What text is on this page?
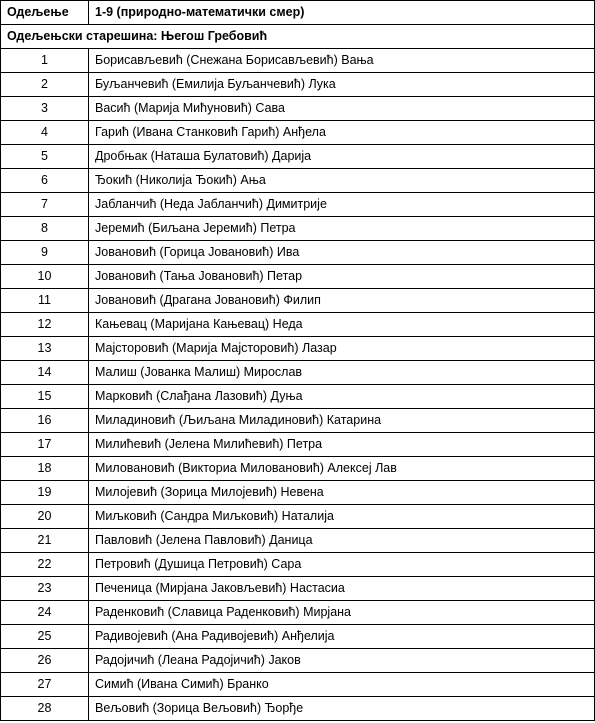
Одељење	1-9 (природно-математички смер)
Одељењски старешина: Његош Гребовић	
1	Борисављевић (Снежана Борисављевић) Вања
2	Буљанчевић (Емилија Буљанчевић) Лука
3	Васић (Марија Мићуновић) Сава
4	Гарић (Ивана Станковић Гарић) Анђела
5	Дробњак (Наташа Булатовић) Дарија
6	Ђокић (Николија Ђокић) Ања
7	Јабланчић (Неда Јабланчић) Димитрије
8	Јеремић (Биљана Јеремић) Петра
9	Јовановић (Горица Јовановић) Ива
10	Јовановић (Тања Јовановић) Петар
11	Јовановић (Драгана Јовановић) Филип
12	Кањевац (Маријана Кањевац) Неда
13	Мајсторовић (Марија Мајсторовић) Лазар
14	Малиш (Јованка Малиш) Мирослав
15	Марковић (Слађана Лазовић) Дуња
16	Миладиновић (Љиљана Миладиновић) Катарина
17	Милићевић (Јелена Милићевић) Петра
18	Миловановић (Викториа Миловановић) Алексеј Лав
19	Милојевић (Зорица Милојевић) Невена
20	Миљковић (Сандра Миљковић) Наталија
21	Павловић (Јелена Павловић) Даница
22	Петровић (Душица Петровић) Сара
23	Печеница (Мирјана Јаковљевић) Настасиа
24	Раденковић (Славица Раденковић) Мирјана
25	Радивојевић (Ана Радивојевић) Анђелија
26	Радојичић (Леана Радојичић) Јаков
27	Симић (Ивана Симић) Бранко
28	Вељовић (Зорица Вељовић) Ђорђе
